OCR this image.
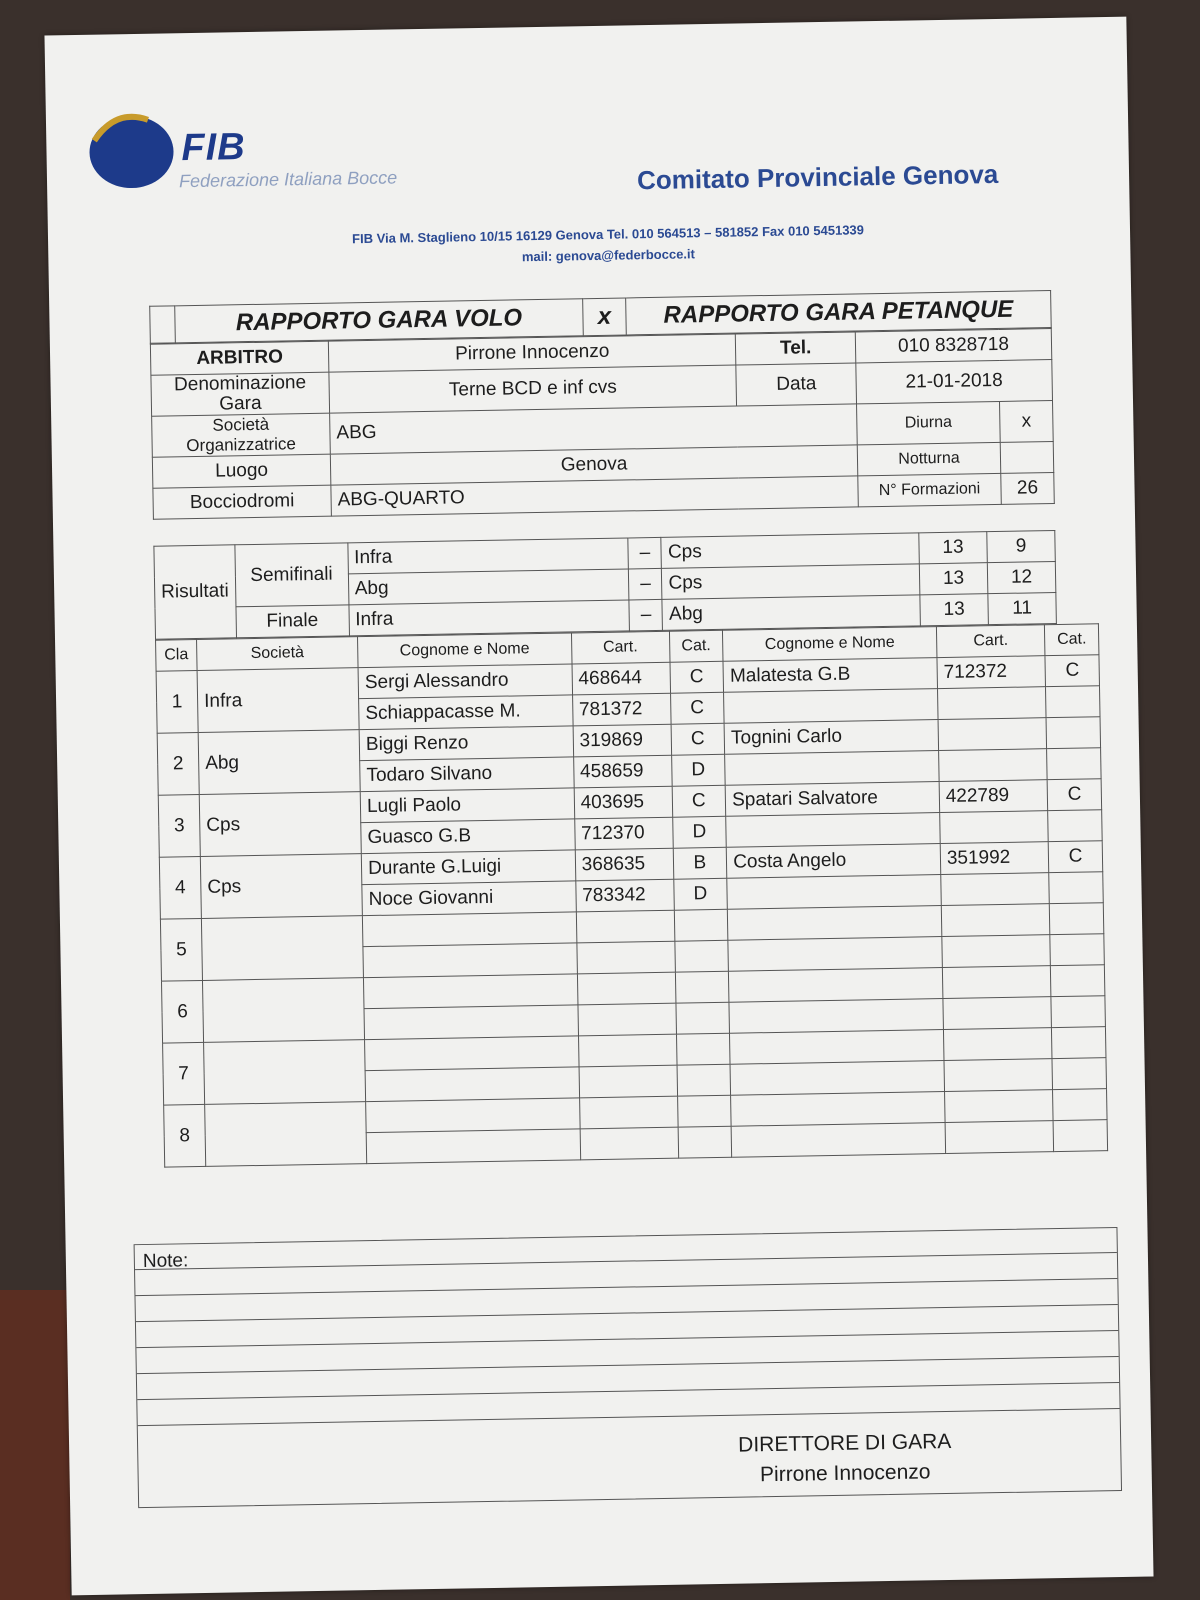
FIB
Federazione Italiana Bocce	Comitato Provinciale Genova
FIB Via M. Staglieno 10/15 16129 Genova Tel. 010 564513 – 581852 Fax 010 5451339
mail: genova@federbocce.it
	RAPPORTO GARA VOLO	x	RAPPORTO GARA PETANQUE
ARBITRO	Pirrone Innocenzo	Tel.	010 8328718	
Denominazione Gara	Terne BCD e inf cvs	Data	21-01-2018	
Società Organizzatrice	ABG		Diurna	x
Luogo	Genova		Notturna	
Bocciodromi	ABG-QUARTO		N° Formazioni	26
Risultati	Semifinali	Infra	–	Cps	13	9
		Abg	–	Cps	13	12
	Finale	Infra	–	Abg	13	11
Cla	Società	Cognome e Nome	Cart.	Cat.	Cognome e Nome	Cart.	Cat.
1	Infra	Sergi Alessandro	468644	C	Malatesta G.B	712372	C
		Schiappacasse M.	781372	C			
2	Abg	Biggi Renzo	319869	C	Tognini Carlo		
		Todaro Silvano	458659	D			
3	Cps	Lugli Paolo	403695	C	Spatari Salvatore	422789	C
		Guasco G.B	712370	D			
4	Cps	Durante G.Luigi	368635	B	Costa Angelo	351992	C
		Noce Giovanni	783342	D			
5							

6							

7							

8							

Note:
DIRETTORE DI GARA
Pirrone Innocenzo
